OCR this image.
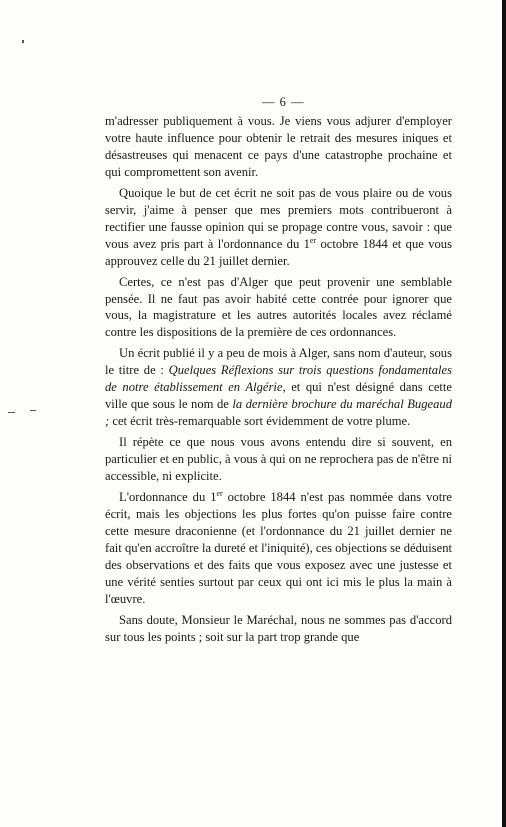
— 6 —

m'adresser publiquement à vous. Je viens vous adjurer d'employer votre haute influence pour obtenir le retrait des mesures iniques et désastreuses qui menacent ce pays d'une catastrophe prochaine et qui compromettent son avenir.

Quoique le but de cet écrit ne soit pas de vous plaire ou de vous servir, j'aime à penser que mes premiers mots contribueront à rectifier une fausse opinion qui se propage contre vous, savoir : que vous avez pris part à l'ordonnance du 1er octobre 1844 et que vous approuvez celle du 21 juillet dernier.

Certes, ce n'est pas d'Alger que peut provenir une semblable pensée. Il ne faut pas avoir habité cette contrée pour ignorer que vous, la magistrature et les autres autorités locales avez réclamé contre les dispositions de la première de ces ordonnances.

Un écrit publié il y a peu de mois à Alger, sans nom d'auteur, sous le titre de : Quelques Réflexions sur trois questions fondamentales de notre établissement en Algérie, et qui n'est désigné dans cette ville que sous le nom de la dernière brochure du maréchal Bugeaud ; cet écrit très-remarquable sort évidemment de votre plume.

Il répète ce que nous vous avons entendu dire si souvent, en particulier et en public, à vous à qui on ne reprochera pas de n'être ni accessible, ni explicite.

L'ordonnance du 1er octobre 1844 n'est pas nommée dans votre écrit, mais les objections les plus fortes qu'on puisse faire contre cette mesure draconienne (et l'ordonnance du 21 juillet dernier ne fait qu'en accroître la dureté et l'iniquité), ces objections se déduisent des observations et des faits que vous exposez avec une justesse et une vérité senties surtout par ceux qui ont ici mis le plus la main à l'œuvre.

Sans doute, Monsieur le Maréchal, nous ne sommes pas d'accord sur tous les points ; soit sur la part trop grande que
